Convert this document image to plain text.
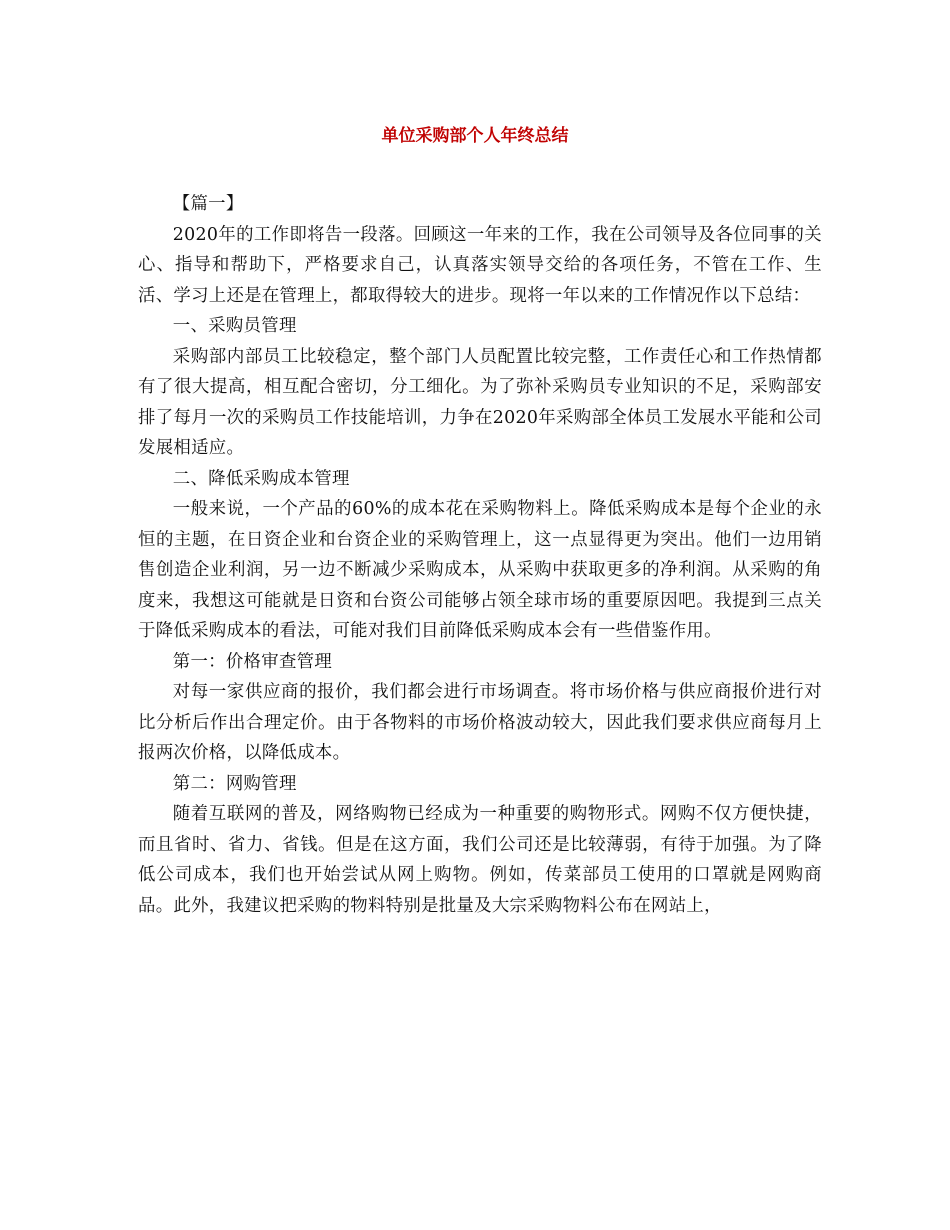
单位采购部个人年终总结

【篇一】

2020年的工作即将告一段落。回顾这一年来的工作，我在公司领导及各位同事的关心、指导和帮助下，严格要求自己，认真落实领导交给的各项任务，不管在工作、生活、学习上还是在管理上，都取得较大的进步。现将一年以来的工作情况作以下总结：

一、采购员管理

采购部内部员工比较稳定，整个部门人员配置比较完整，工作责任心和工作热情都有了很大提高，相互配合密切，分工细化。为了弥补采购员专业知识的不足，采购部安排了每月一次的采购员工作技能培训，力争在2020年采购部全体员工发展水平能和公司发展相适应。

二、降低采购成本管理

一般来说，一个产品的60%的成本花在采购物料上。降低采购成本是每个企业的永恒的主题，在日资企业和台资企业的采购管理上，这一点显得更为突出。他们一边用销售创造企业利润，另一边不断减少采购成本，从采购中获取更多的净利润。从采购的角度来，我想这可能就是日资和台资公司能够占领全球市场的重要原因吧。我提到三点关于降低采购成本的看法，可能对我们目前降低采购成本会有一些借鉴作用。

第一：价格审查管理

对每一家供应商的报价，我们都会进行市场调查。将市场价格与供应商报价进行对比分析后作出合理定价。由于各物料的市场价格波动较大，因此我们要求供应商每月上报两次价格，以降低成本。

第二：网购管理

随着互联网的普及，网络购物已经成为一种重要的购物形式。网购不仅方便快捷，而且省时、省力、省钱。但是在这方面，我们公司还是比较薄弱，有待于加强。为了降低公司成本，我们也开始尝试从网上购物。例如，传菜部员工使用的口罩就是网购商品。此外，我建议把采购的物料特别是批量及大宗采购物料公布在网站上，
